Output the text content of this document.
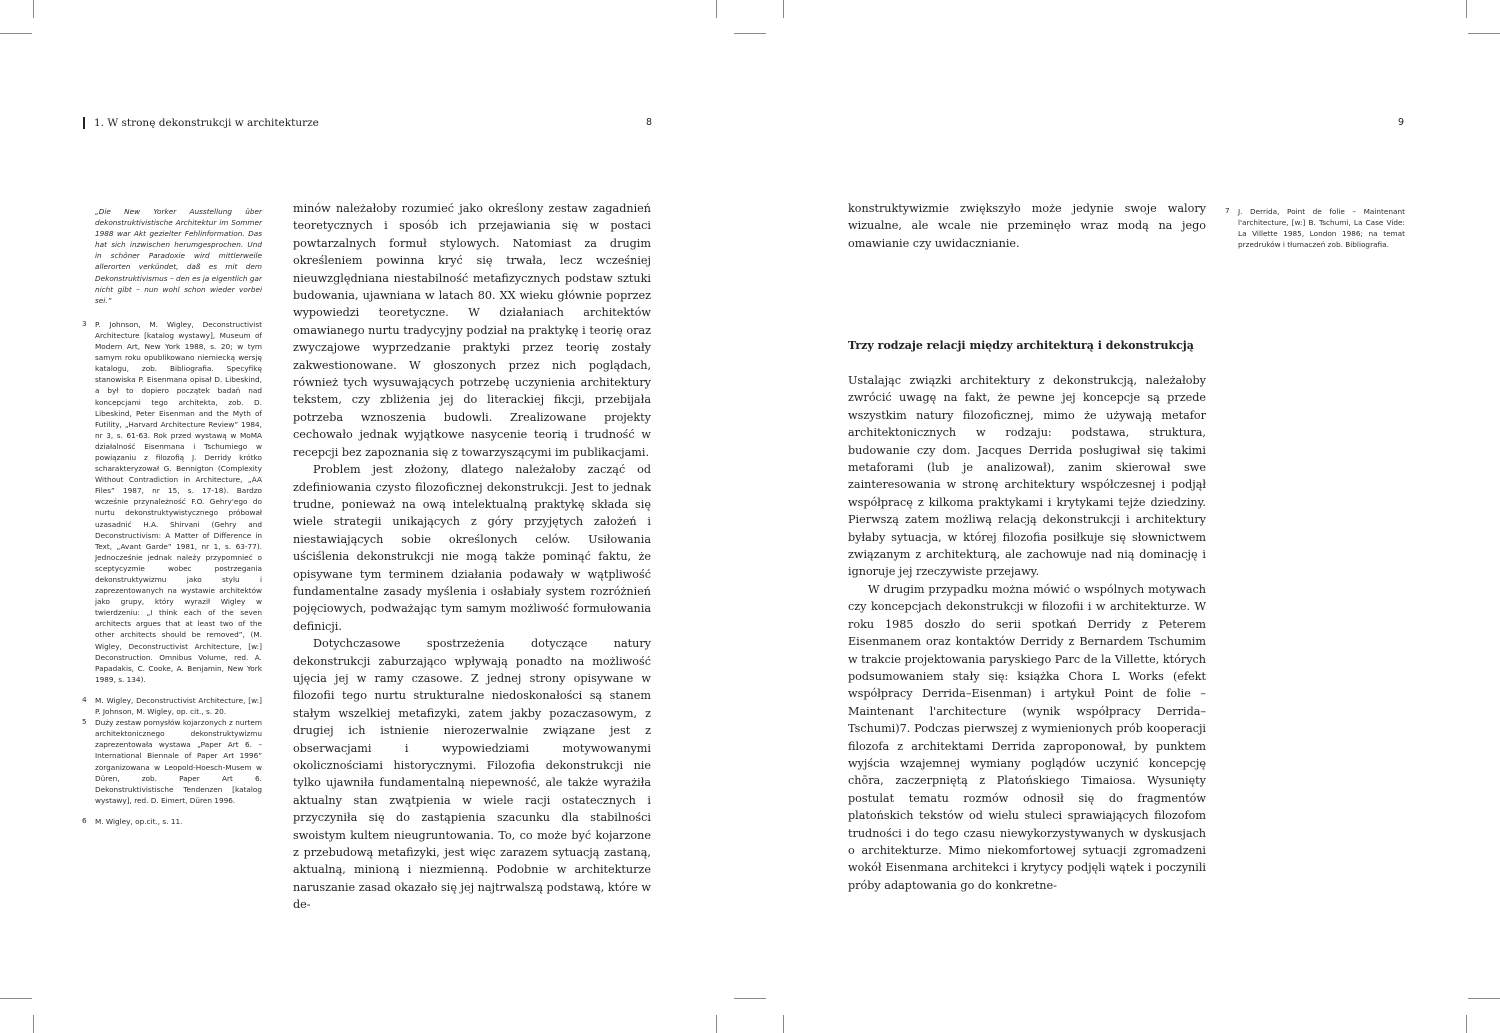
1. W stronę dekonstrukcji w architekturze	8	9

„Die New Yorker Ausstellung über dekonstruktivistische Architektur im Sommer 1988 war Akt gezielter Fehlinformation. Das hat sich inzwischen herumgesprochen. Und in schöner Paradoxie wird mittlerweile allerorten verkündet, daß es mit dem Dekonstruktivismus – den es ja eigentlich gar nicht gibt – nun wohl schon wieder vorbei sei.”

3 P. Johnson, M. Wigley, Deconstructivist Architecture [katalog wystawy], Museum of Modern Art, New York 1988, s. 20; w tym samym roku opublikowano niemiecką wersję katalogu, zob. Bibliografia. Specyfikę stanowiska P. Eisenmana opisał D. Libeskind, a był to dopiero początek badań nad koncepcjami tego architekta, zob. D. Libeskind, Peter Eisenman and the Myth of Futility, „Harvard Architecture Review” 1984, nr 3, s. 61-63. Rok przed wystawą w MoMA działalność Eisenmana i Tschumiego w powiązaniu z filozofią J. Derridy krótko scharakteryzował G. Bennigton (Complexity Without Contradiction in Architecture, „AA Files” 1987, nr 15, s. 17-18). Bardzo wcześnie przynależność F.O. Gehry'ego do nurtu dekonstruktywistycznego próbował uzasadnić H.A. Shirvani (Gehry and Deconstructivism: A Matter of Difference in Text, „Avant Garde” 1981, nr 1, s. 63-77). Jednocześnie jednak należy przypomnieć o sceptycyzmie wobec postrzegania dekonstruktywizmu jako stylu i zaprezentowanych na wystawie architektów jako grupy, który wyraził Wigley w twierdzeniu: „I think each of the seven architects argues that at least two of the other architects should be removed”, (M. Wigley, Deconstructivist Architecture, [w:] Deconstruction. Omnibus Volume, red. A. Papadakis, C. Cooke, A. Benjamin, New York 1989, s. 134).

4 M. Wigley, Deconstructivist Architecture, [w:] P. Johnson, M. Wigley, op. cit., s. 20.

5 Duży zestaw pomysłów kojarzonych z nurtem architektonicznego dekonstruktywizmu zaprezentowała wystawa „Paper Art 6. – International Biennale of Paper Art 1996” zorganizowana w Leopold-Hoesch-Musem w Düren, zob. Paper Art 6. Dekonstruktivistische Tendenzen [katalog wystawy], red. D. Eimert, Düren 1996.

6 M. Wigley, op.cit., s. 11.

minów należałoby rozumieć jako określony zestaw zagadnień teoretycznych i sposób ich przejawiania się w postaci powtarzalnych formuł stylowych. Natomiast za drugim określeniem powinna kryć się trwała, lecz wcześniej nieuwzględniana niestabilność metafizycznych podstaw sztuki budowania, ujawniana w latach 80. XX wieku głównie poprzez wypowiedzi teoretyczne. W działaniach architektów omawianego nurtu tradycyjny podział na praktykę i teorię oraz zwyczajowe wyprzedzanie praktyki przez teorię zostały zakwestionowane. W głoszonych przez nich poglądach, również tych wysuwających potrzebę uczynienia architektury tekstem, czy zbliżenia jej do literackiej fikcji, przebijała potrzeba wznoszenia budowli. Zrealizowane projekty cechowało jednak wyjątkowe nasycenie teorią i trudność w recepcji bez zapoznania się z towarzyszącymi im publikacjami.

Problem jest złożony, dlatego należałoby zacząć od zdefiniowania czysto filozoficznej dekonstrukcji. Jest to jednak trudne, ponieważ na ową intelektualną praktykę składa się wiele strategii unikających z góry przyjętych założeń i niestawiających sobie określonych celów. Usiłowania uściślenia dekonstrukcji nie mogą także pominąć faktu, że opisywane tym terminem działania podawały w wątpliwość fundamentalne zasady myślenia i osłabiały system rozróżnień pojęciowych, podważając tym samym możliwość formułowania definicji.

Dotychczasowe spostrzeżenia dotyczące natury dekonstrukcji zaburzająco wpływają ponadto na możliwość ujęcia jej w ramy czasowe. Z jednej strony opisywane w filozofii tego nurtu strukturalne niedoskonałości są stanem stałym wszelkiej metafizyki, zatem jakby pozaczasowym, z drugiej ich istnienie nierozerwalnie związane jest z obserwacjami i wypowiedziami motywowanymi okolicznościami historycznymi. Filozofia dekonstrukcji nie tylko ujawniła fundamentalną niepewność, ale także wyrażiła aktualny stan zwątpienia w wiele racji ostatecznych i przyczyniła się do zastąpienia szacunku dla stabilności swoistym kultem nieugruntowania. To, co może być kojarzone z przebudową metafizyki, jest więc zarazem sytuacją zastaną, aktualną, minioną i niezmienną. Podobnie w architekturze naruszanie zasad okazało się jej najtrwalszą podstawą, które w de-

konstruktywizmie zwiększyło może jedynie swoje walory wizualne, ale wcale nie przeminęło wraz modą na jego omawianie czy uwidacznianie.

7 J. Derrida, Point de folie – Maintenant l'architecture, [w:] B. Tschumi, La Case Vide: La Villette 1985, London 1986; na temat przedruków i tłumaczeń zob. Bibliografia.

Trzy rodzaje relacji między architekturą i dekonstrukcją

Ustalając związki architektury z dekonstrukcją, należałoby zwrócić uwagę na fakt, że pewne jej koncepcje są przede wszystkim natury filozoficznej, mimo że używają metafor architektonicznych w rodzaju: podstawa, struktura, budowanie czy dom. Jacques Derrida posługiwał się takimi metaforami (lub je analizował), zanim skierował swe zainteresowania w stronę architektury współczesnej i podjął współpracę z kilkoma praktykami i krytykami tejże dziedziny. Pierwszą zatem możliwą relacją dekonstrukcji i architektury byłaby sytuacja, w której filozofia posiłkuje się słownictwem związanym z architekturą, ale zachowuje nad nią dominację i ignoruje jej rzeczywiste przejawy.

W drugim przypadku można mówić o wspólnych motywach czy koncepcjach dekonstrukcji w filozofii i w architekturze. W roku 1985 doszło do serii spotkań Derridy z Peterem Eisenmanem oraz kontaktów Derridy z Bernardem Tschumim w trakcie projektowania paryskiego Parc de la Villette, których podsumowaniem stały się: książka Chora L Works (efekt współpracy Derrida–Eisenman) i artykuł Point de folie – Maintenant l'architecture (wynik współpracy Derrida–Tschumi)7. Podczas pierwszej z wymienionych prób kooperacji filozofa z architektami Derrida zaproponował, by punktem wyjścia wzajemnej wymiany poglądów uczynić koncepcję chōra, zaczerpniętą z Platońskiego Timaiosa. Wysunięty postulat tematu rozmów odnosił się do fragmentów platońskich tekstów od wielu stuleci sprawiających filozofom trudności i do tego czasu niewykorzystywanych w dyskusjach o architekturze. Mimo niekomfortowej sytuacji zgromadzeni wokół Eisenmana architekci i krytycy podjęli wątek i poczynili próby adaptowania go do konkretne-
